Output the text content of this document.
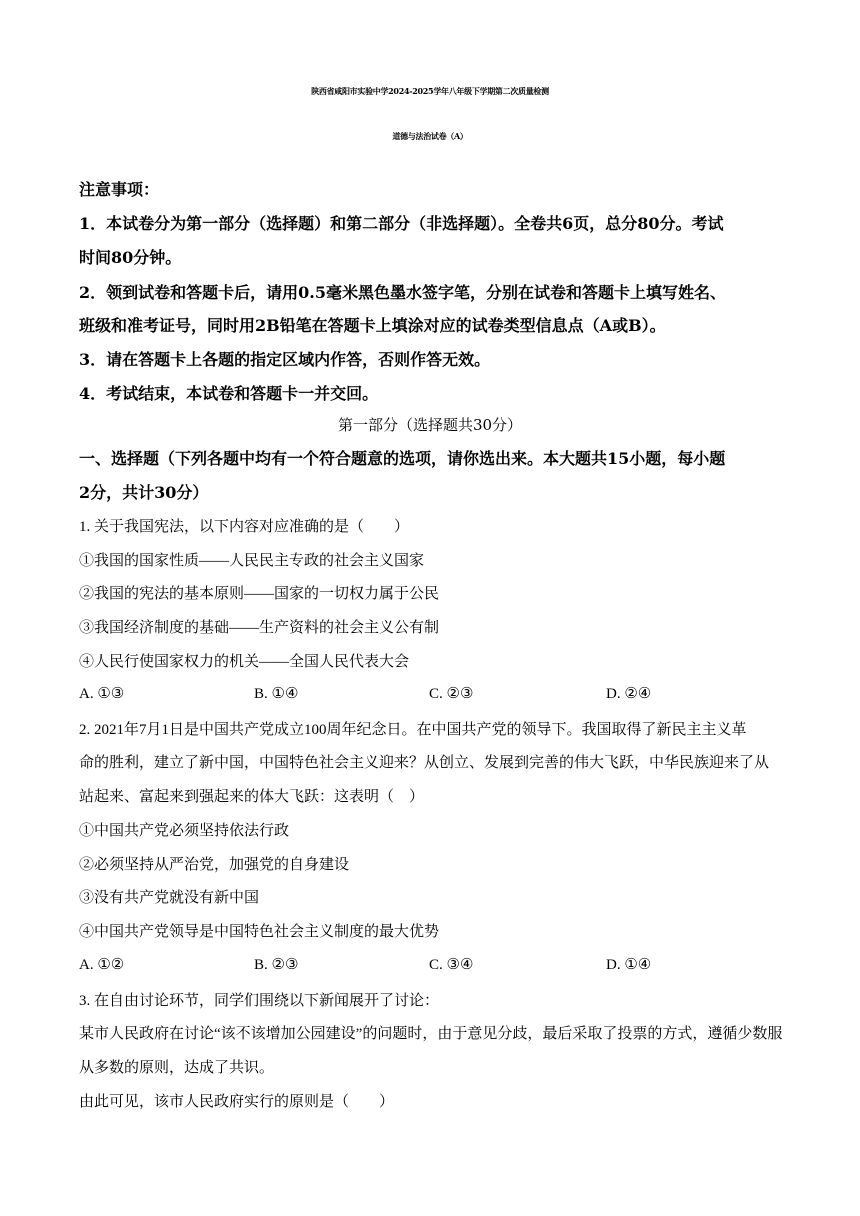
陕西省咸阳市实验中学2024-2025学年八年级下学期第二次质量检测
道德与法治试卷（A）
注意事项：
1．本试卷分为第一部分（选择题）和第二部分（非选择题）。全卷共6页，总分80分。考试
时间80分钟。
2．领到试卷和答题卡后，请用0.5毫米黑色墨水签字笔，分别在试卷和答题卡上填写姓名、
班级和准考证号，同时用2B铅笔在答题卡上填涂对应的试卷类型信息点（A或B）。
3．请在答题卡上各题的指定区域内作答，否则作答无效。
4．考试结束，本试卷和答题卡一并交回。
第一部分（选择题共30分）
一、选择题（下列各题中均有一个符合题意的选项，请你选出来。本大题共15小题，每小题
2分，共计30分）
1. 关于我国宪法，以下内容对应准确的是（　　）
①我国的国家性质——人民民主专政的社会主义国家
②我国的宪法的基本原则——国家的一切权力属于公民
③我国经济制度的基础——生产资料的社会主义公有制
④人民行使国家权力的机关——全国人民代表大会
A. ①③	B. ①④	C. ②③	D. ②④
2. 2021年7月1日是中国共产党成立100周年纪念日。在中国共产党的领导下。我国取得了新民主主义革
命的胜利，建立了新中国，中国特色社会主义迎来？从创立、发展到完善的伟大飞跃，中华民族迎来了从
站起来、富起来到强起来的体大飞跃：这表明（　）
①中国共产党必须坚持依法行政
②必须坚持从严治党，加强党的自身建设
③没有共产党就没有新中国
④中国共产党领导是中国特色社会主义制度的最大优势
A. ①②	B. ②③	C. ③④	D. ①④
3. 在自由讨论环节，同学们围绕以下新闻展开了讨论：
某市人民政府在讨论“该不该增加公园建设”的问题时，由于意见分歧，最后采取了投票的方式，遵循少数服
从多数的原则，达成了共识。
由此可见，该市人民政府实行的原则是（　　）
